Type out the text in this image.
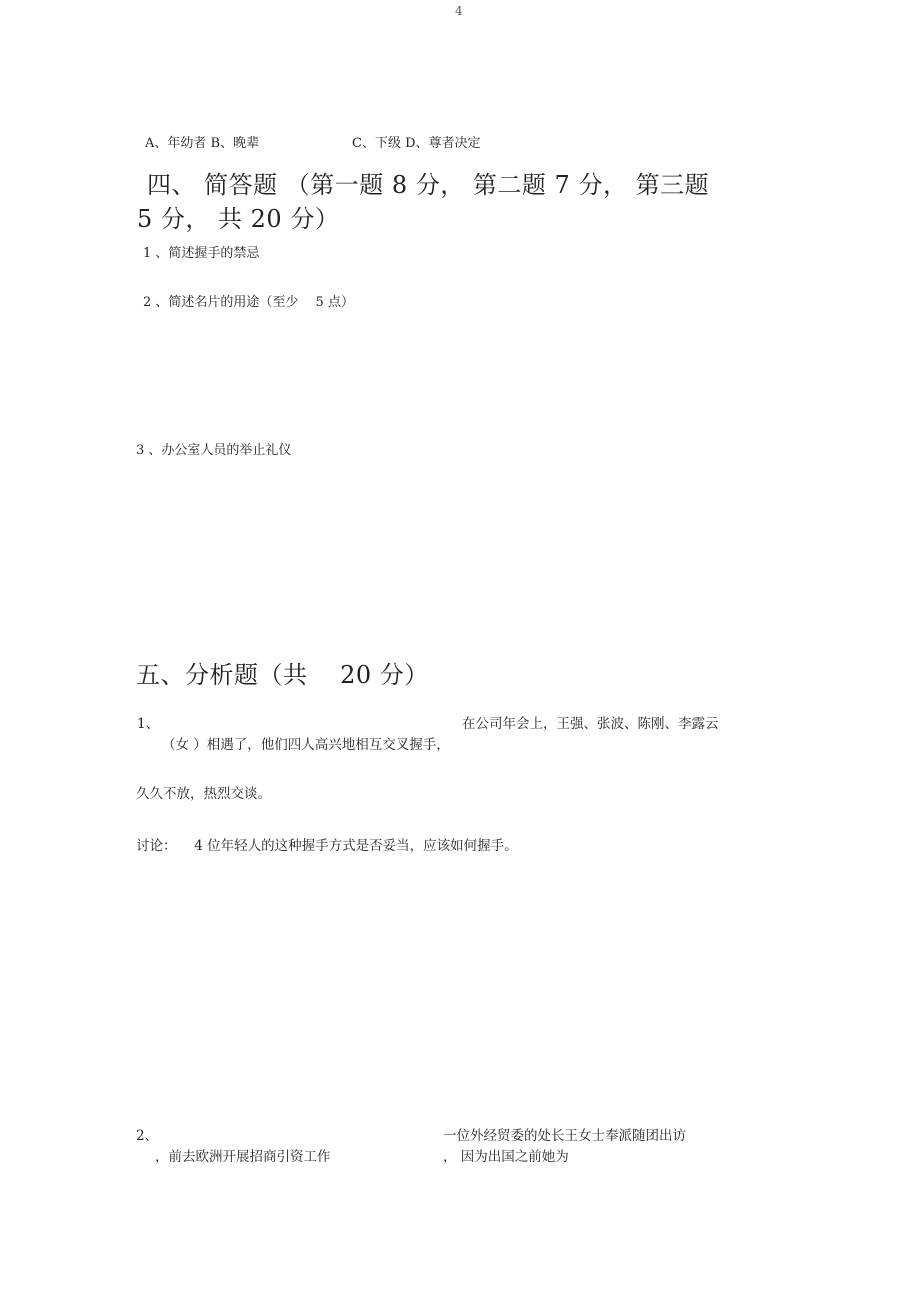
4
A、年幼者 B、晚辈	C、下级 D、尊者决定
四、 简答题 （第一题 8 分， 第二题 7 分， 第三题
5 分， 共 20 分）
1 、简述握手的禁忌
2 、简述名片的用途（至少 　5 点）
3 、办公室人员的举止礼仪
五、分析题（共 　20 分）
1、	在公司年会上，王强、张波、陈刚、李露云
（女 ）相遇了，他们四人高兴地相互交叉握手，
久久不放，热烈交谈。
讨论： 　4 位年轻人的这种握手方式是否妥当，应该如何握手。
2、	一位外经贸委的处长王女士奉派随团出访
，前去欧洲开展招商引资工作	， 因为出国之前她为
